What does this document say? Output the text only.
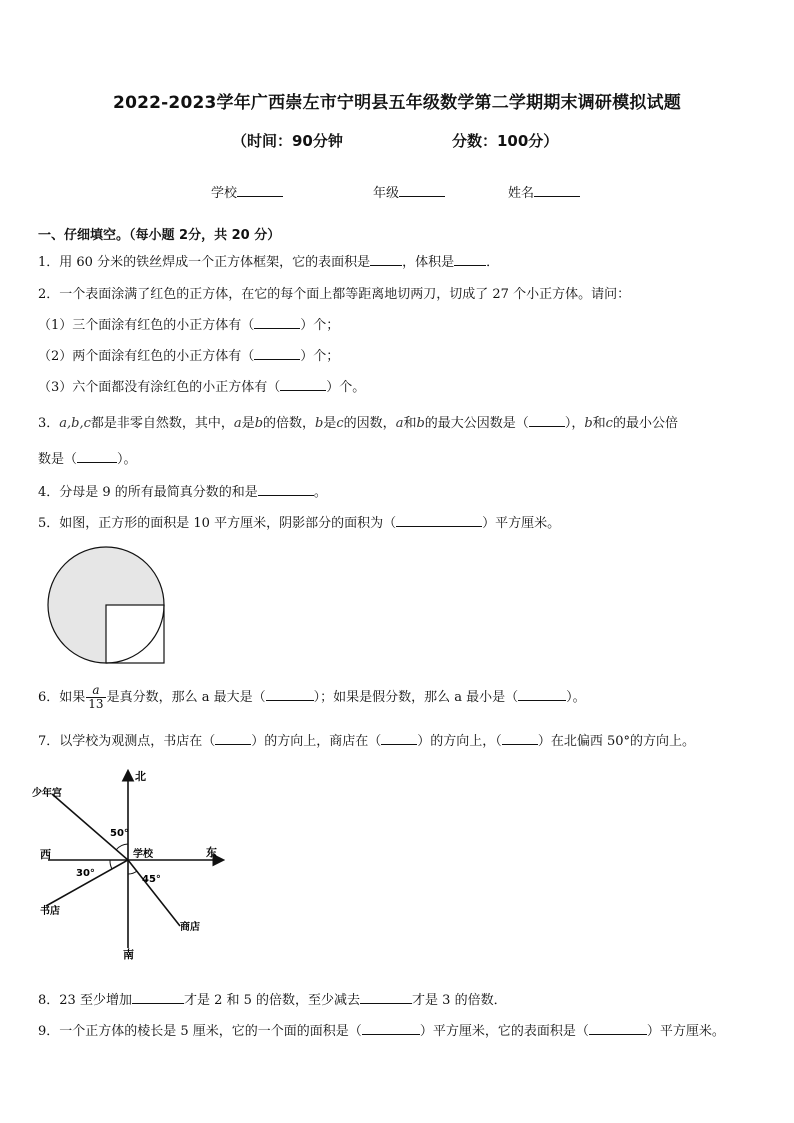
2022-2023学年广西崇左市宁明县五年级数学第二学期期末调研模拟试题
（时间：90分钟	分数：100分）
学校	年级	姓名
一、仔细填空。（每小题 2分，共 20 分）
1．用 60 分米的铁丝焊成一个正方体框架，它的表面积是 ，体积是 ．
2．一个表面涂满了红色的正方体，在它的每个面上都等距离地切两刀，切成了 27 个小正方体。请问：
（1）三个面涂有红色的小正方体有（	）个；
（2）两个面涂有红色的小正方体有（	）个；
（3）六个面都没有涂红色的小正方体有（	）个。
3．a,b,c都是非零自然数，其中，a是b的倍数，b是c的因数，a和b的最大公因数是（	），b和c的最小公倍
数是（	）。
4．分母是 9 的所有最简真分数的和是	。
5．如图，正方形的面积是 10 平方厘米，阴影部分的面积为（	）平方厘米。
6．如果 $\frac{a}{13}$ 是真分数，那么 a 最大是（	）；如果是假分数，那么 a 最小是（	）。
7．以学校为观测点，书店在（	）的方向上，商店在（	）的方向上，（	）在北偏西 50°的方向上。
北
南
东
西	学校
少年宫
书店
商店
50°
30°
45°
8．23 至少增加	才是 2 和 5 的倍数，至少减去	才是 3 的倍数．
9．一个正方体的棱长是 5 厘米，它的一个面的面积是（	）平方厘米，它的表面积是（	）平方厘米。
